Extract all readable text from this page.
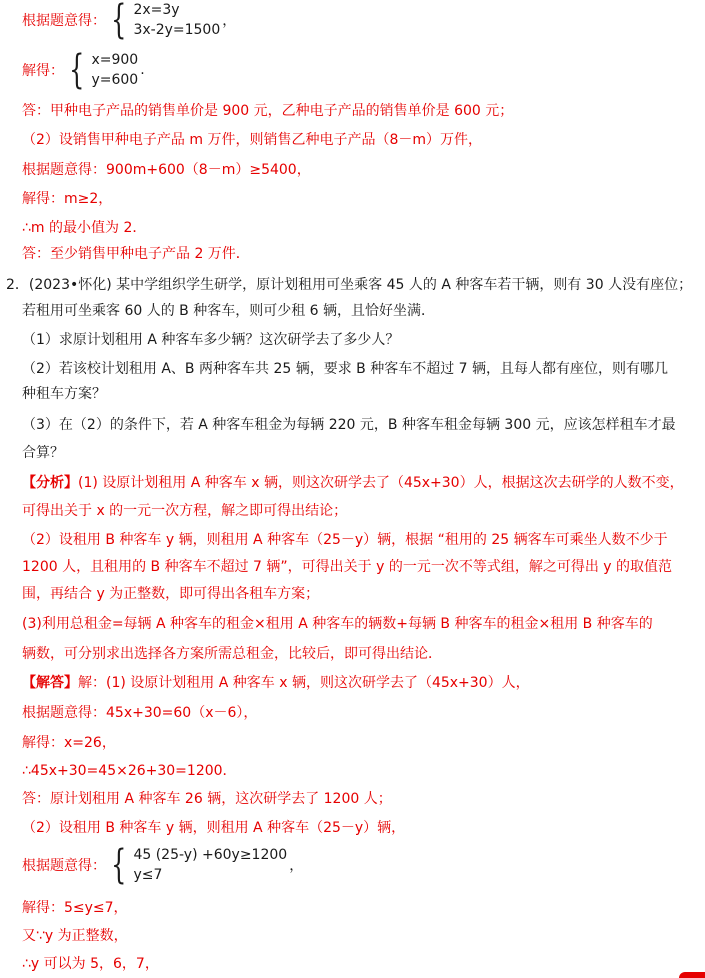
根据题意得： { 2x=3y
3x-2y=1500
，
解得： { x=900
y=600
.
答：甲种电子产品的销售单价是 900 元，乙种电子产品的销售单价是 600 元；
（2）设销售甲种电子产品 m 万件，则销售乙种电子产品（8－m）万件，
根据题意得：900m+600（8－m）≥5400，
解得：m≥2，
∴m 的最小值为 2．
答：至少销售甲种电子产品 2 万件．
2．(2023•怀化) 某中学组织学生研学，原计划租用可坐乘客 45 人的 A 种客车若干辆，则有 30 人没有座位；
若租用可坐乘客 60 人的 B 种客车，则可少租 6 辆，且恰好坐满．
（1）求原计划租用 A 种客车多少辆？这次研学去了多少人？
（2）若该校计划租用 A、B 两种客车共 25 辆，要求 B 种客车不超过 7 辆，且每人都有座位，则有哪几
种租车方案？
（3）在（2）的条件下，若 A 种客车租金为每辆 220 元，B 种客车租金每辆 300 元，应该怎样租车才最
合算？
【分析】(1) 设原计划租用 A 种客车 x 辆，则这次研学去了（45x+30）人，根据这次去研学的人数不变，
可得出关于 x 的一元一次方程，解之即可得出结论；
（2）设租用 B 种客车 y 辆，则租用 A 种客车（25－y）辆，根据 “租用的 25 辆客车可乘坐人数不少于
1200 人，且租用的 B 种客车不超过 7 辆”，可得出关于 y 的一元一次不等式组，解之可得出 y 的取值范
围，再结合 y 为正整数，即可得出各租车方案；
(3)利用总租金=每辆 A 种客车的租金×租用 A 种客车的辆数+每辆 B 种客车的租金×租用 B 种客车的
辆数，可分别求出选择各方案所需总租金，比较后，即可得出结论．
【解答】解：(1) 设原计划租用 A 种客车 x 辆，则这次研学去了（45x+30）人，
根据题意得：45x+30=60（x－6），
解得：x=26，
∴45x+30=45×26+30=1200．
答：原计划租用 A 种客车 26 辆，这次研学去了 1200 人；
（2）设租用 B 种客车 y 辆，则租用 A 种客车（25－y）辆，
根据题意得： { 45 (25-y) +60y≥1200
y≤7
，
解得：5≤y≤7，
又∵y 为正整数，
∴y 可以为 5，6，7，
